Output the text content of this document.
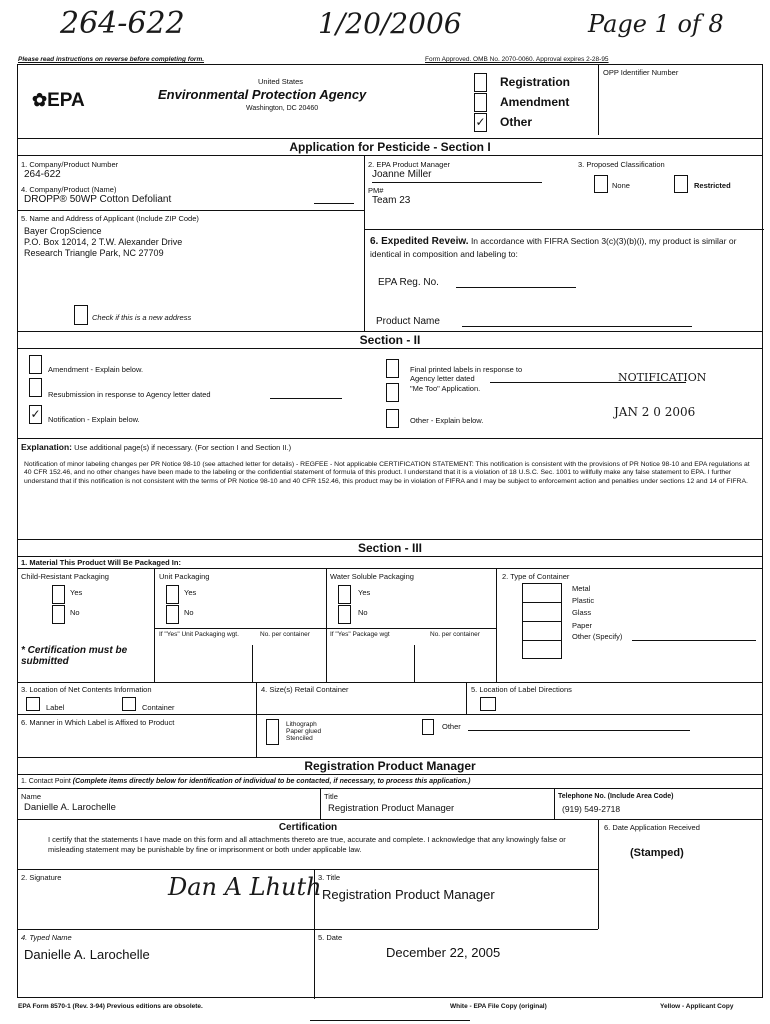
264-622	1/20/2006	Page 1 of 8
Please read instructions on reverse before completing form.	Form Approved. OMB No. 2070-0060. Approval expires 2-28-95
✿EPA
United States
Environmental Protection Agency
Washington, DC 20460
✓
Registration
Amendment
Other
OPP Identifier Number
Application for Pesticide - Section I
1. Company/Product Number
264-622
2. EPA Product Manager
Joanne Miller
3. Proposed Classification
None	Restricted
4. Company/Product (Name)
DROPP® 50WP Cotton Defoliant
PM#
Team 23
5. Name and Address of Applicant (Include ZIP Code)
Bayer CropScience
P.O. Box 12014, 2 T.W. Alexander Drive
Research Triangle Park, NC 27709
Check if this is a new address
6. Expedited Reveiw. In accordance with FIFRA Section 3(c)(3)(b)(i), my product is similar or identical in composition and labeling to:
EPA Reg. No.
Product Name
Section - II
Amendment - Explain below.
Resubmission in response to Agency letter dated
✓ Notification - Explain below.
Final printed labels in response to
Agency letter dated
"Me Too" Application.
Other - Explain below.
NOTIFICATION
JAN 2 0 2006
Explanation: Use additional page(s) if necessary. (For section I and Section II.)
Notification of minor labeling changes per PR Notice 98-10 (see attached letter for details) - REGFEE - Not applicable CERTIFICATION STATEMENT: This notification is consistent with the provisions of PR Notice 98-10 and EPA regulations at 40 CFR 152.46, and no other changes have been made to the labeling or the confidential statement of formula of this product. I understand that it is a violation of 18 U.S.C. Sec. 1001 to willfully make any false statement to EPA. I further understand that if this notification is not consistent with the terms of PR Notice 98-10 and 40 CFR 152.46, this product may be in violation of FIFRA and I may be subject to enforcement action and penalties under sections 12 and 14 of FIFRA.
Section - III
1. Material This Product Will Be Packaged In:
Child-Resistant Packaging
Yes
No
* Certification must be submitted
Unit Packaging
Yes
No
If "Yes" Unit Packaging wgt.	No. per container
Water Soluble Packaging
Yes
No
If "Yes" Package wgt	No. per container
2. Type of Container
Metal
Plastic
Glass
Paper
Other (Specify)
3. Location of Net Contents Information
Label	Container
4. Size(s) Retail Container	5. Location of Label Directions
6. Manner in Which Label is Affixed to Product	Lithograph
Paper glued
Stenciled
Other
Registration Product Manager
1. Contact Point (Complete items directly below for identification of individual to be contacted, if necessary, to process this application.)
Name
Danielle A. Larochelle
Title
Registration Product Manager
Telephone No. (Include Area Code)
(919) 549-2718
Certification
I certify that the statements I have made on this form and all attachments thereto are true, accurate and complete. I acknowledge that any knowingly false or misleading statement may be punishable by fine or imprisonment or both under applicable law.
6. Date Application Received
(Stamped)
2. Signature	Dan A Lhuth
3. Title
Registration Product Manager
4. Typed Name
Danielle A. Larochelle
5. Date
December 22, 2005
EPA Form 8570-1 (Rev. 3-94) Previous editions are obsolete.	White - EPA File Copy (original)	Yellow - Applicant Copy
